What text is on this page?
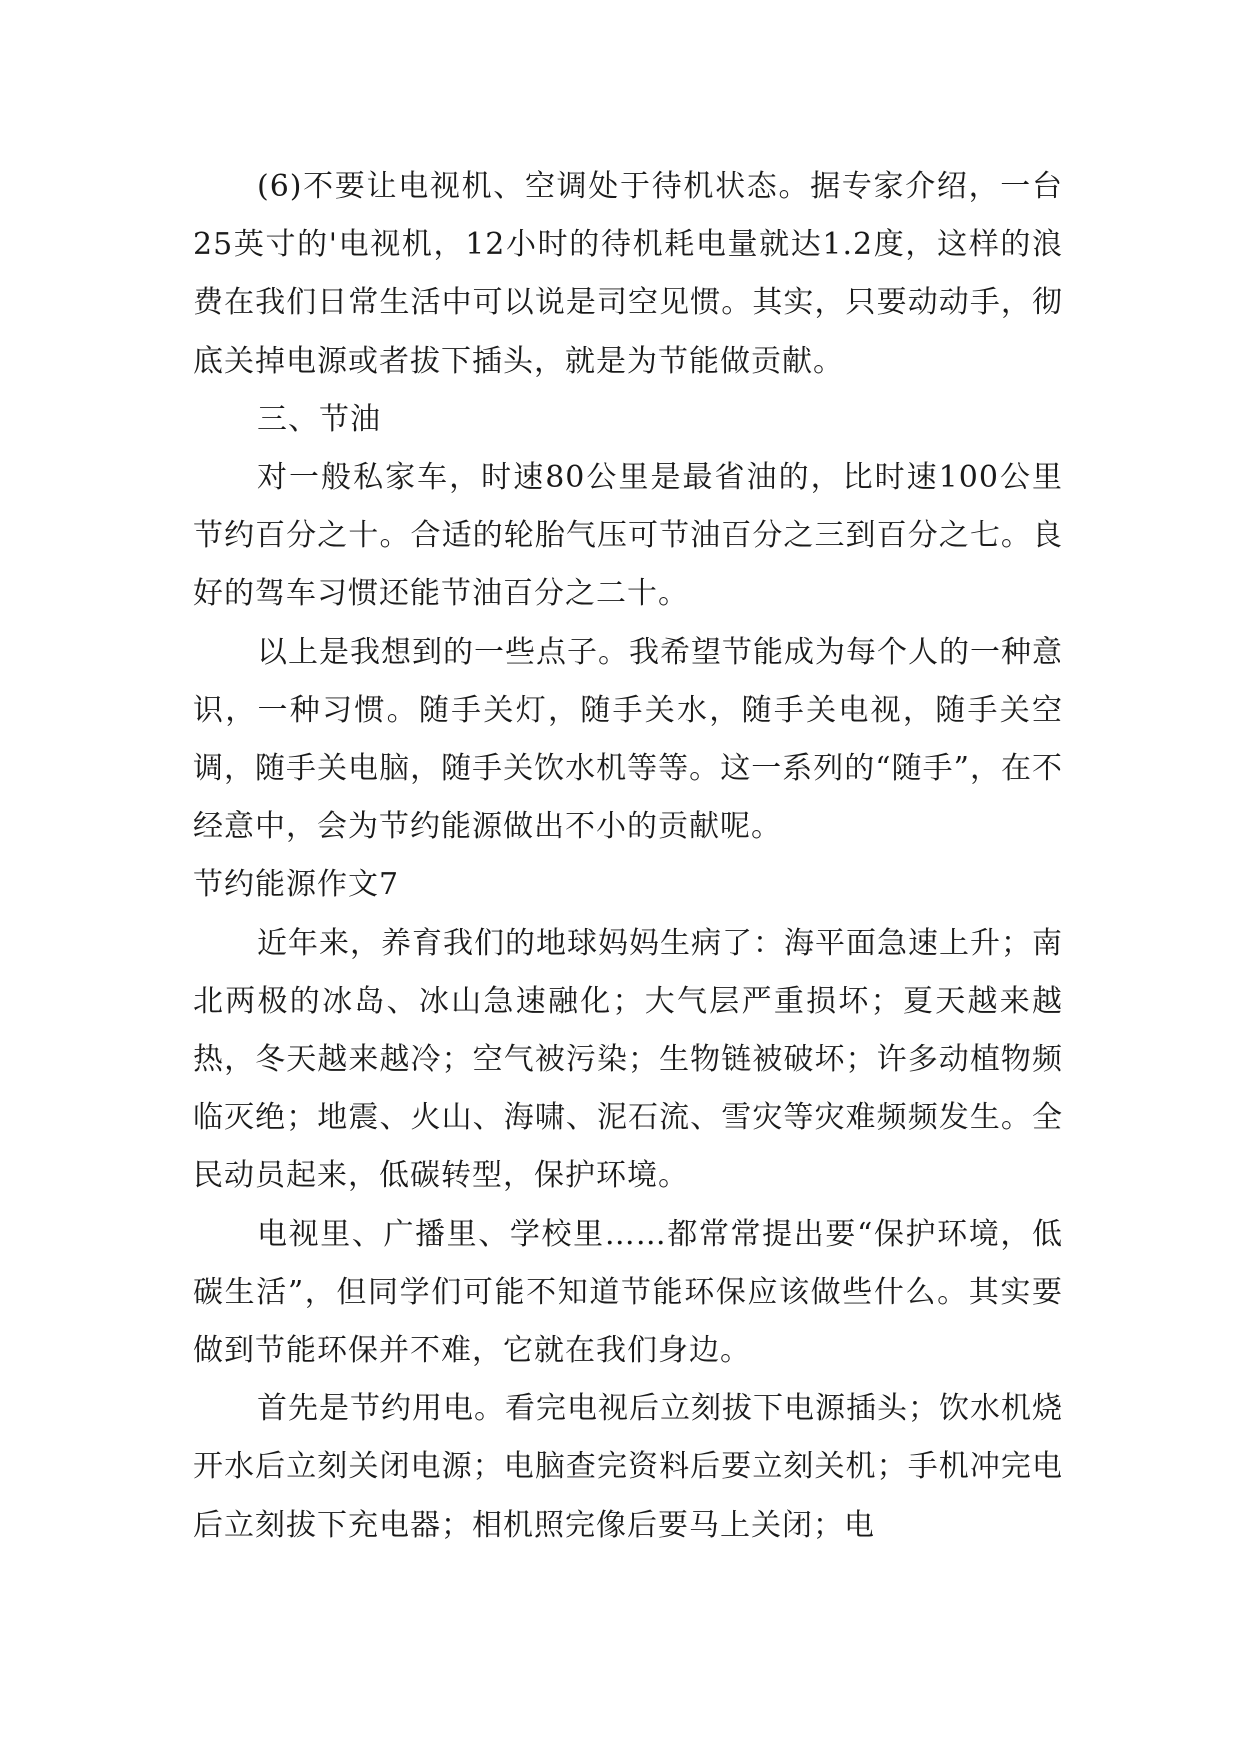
(6)不要让电视机、空调处于待机状态。据专家介绍，一台25英寸的'电视机，12小时的待机耗电量就达1.2度，这样的浪费在我们日常生活中可以说是司空见惯。其实，只要动动手，彻底关掉电源或者拔下插头，就是为节能做贡献。

三、节油

对一般私家车，时速80公里是最省油的，比时速100公里节约百分之十。合适的轮胎气压可节油百分之三到百分之七。良好的驾车习惯还能节油百分之二十。

以上是我想到的一些点子。我希望节能成为每个人的一种意识，一种习惯。随手关灯，随手关水，随手关电视，随手关空调，随手关电脑，随手关饮水机等等。这一系列的“随手”，在不经意中，会为节约能源做出不小的贡献呢。

节约能源作文7

近年来，养育我们的地球妈妈生病了：海平面急速上升；南北两极的冰岛、冰山急速融化；大气层严重损坏；夏天越来越热，冬天越来越冷；空气被污染；生物链被破坏；许多动植物频临灭绝；地震、火山、海啸、泥石流、雪灾等灾难频频发生。全民动员起来，低碳转型，保护环境。

电视里、广播里、学校里……都常常提出要“保护环境，低碳生活”，但同学们可能不知道节能环保应该做些什么。其实要做到节能环保并不难，它就在我们身边。

首先是节约用电。看完电视后立刻拔下电源插头；饮水机烧开水后立刻关闭电源；电脑查完资料后要立刻关机；手机冲完电后立刻拔下充电器；相机照完像后要马上关闭；电
